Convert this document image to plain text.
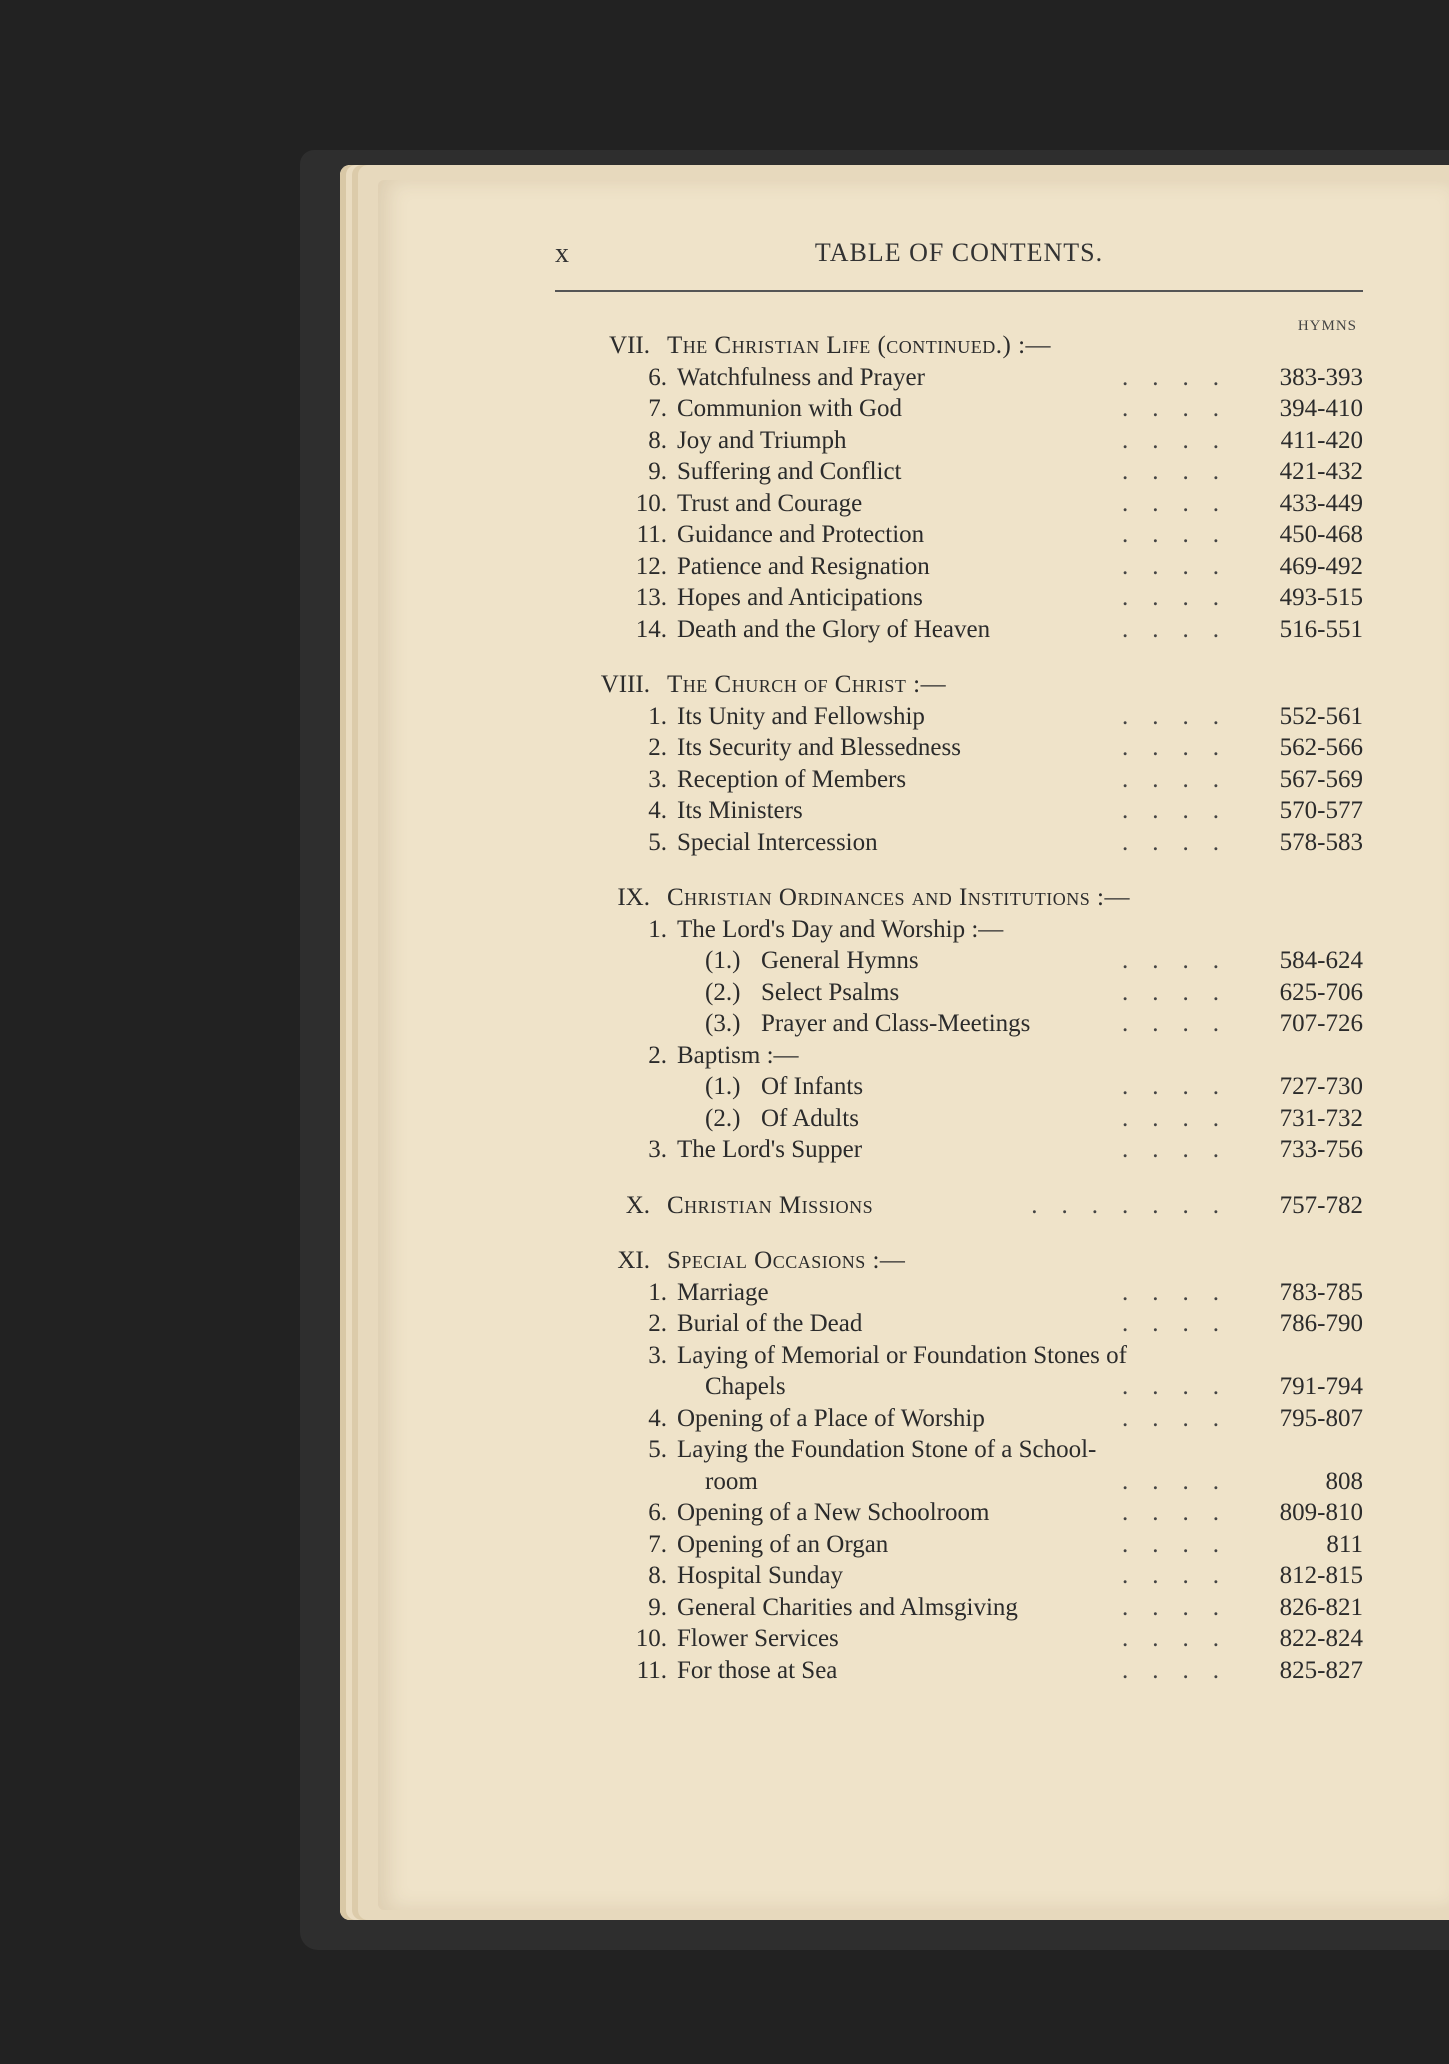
x	TABLE OF CONTENTS.
HYMNS
VII. The Christian Life (continued.) :—
6. Watchfulness and Prayer	....	383-393
7. Communion with God	....	394-410
8. Joy and Triumph	....	411-420
9. Suffering and Conflict	....	421-432
10. Trust and Courage	....	433-449
11. Guidance and Protection	....	450-468
12. Patience and Resignation	....	469-492
13. Hopes and Anticipations	....	493-515
14. Death and the Glory of Heaven	....	516-551
VIII. The Church of Christ :—
1. Its Unity and Fellowship	....	552-561
2. Its Security and Blessedness	....	562-566
3. Reception of Members	....	567-569
4. Its Ministers	....	570-577
5. Special Intercession	....	578-583
IX. Christian Ordinances and Institutions :—
1. The Lord's Day and Worship :—
(1.) General Hymns	....	584-624
(2.) Select Psalms	....	625-706
(3.) Prayer and Class-Meetings	....	707-726
2. Baptism :—
(1.) Of Infants	....	727-730
(2.) Of Adults	....	731-732
3. The Lord's Supper	....	733-756
X. Christian Missions	.......	757-782
XI. Special Occasions :—
1. Marriage	....	783-785
2. Burial of the Dead	....	786-790
3. Laying of Memorial or Foundation Stones of
Chapels	....	791-794
4. Opening of a Place of Worship	....	795-807
5. Laying the Foundation Stone of a School-
room	....	808
6. Opening of a New Schoolroom	....	809-810
7. Opening of an Organ	....	811
8. Hospital Sunday	....	812-815
9. General Charities and Almsgiving	....	826-821
10. Flower Services	....	822-824
11. For those at Sea	....	825-827
